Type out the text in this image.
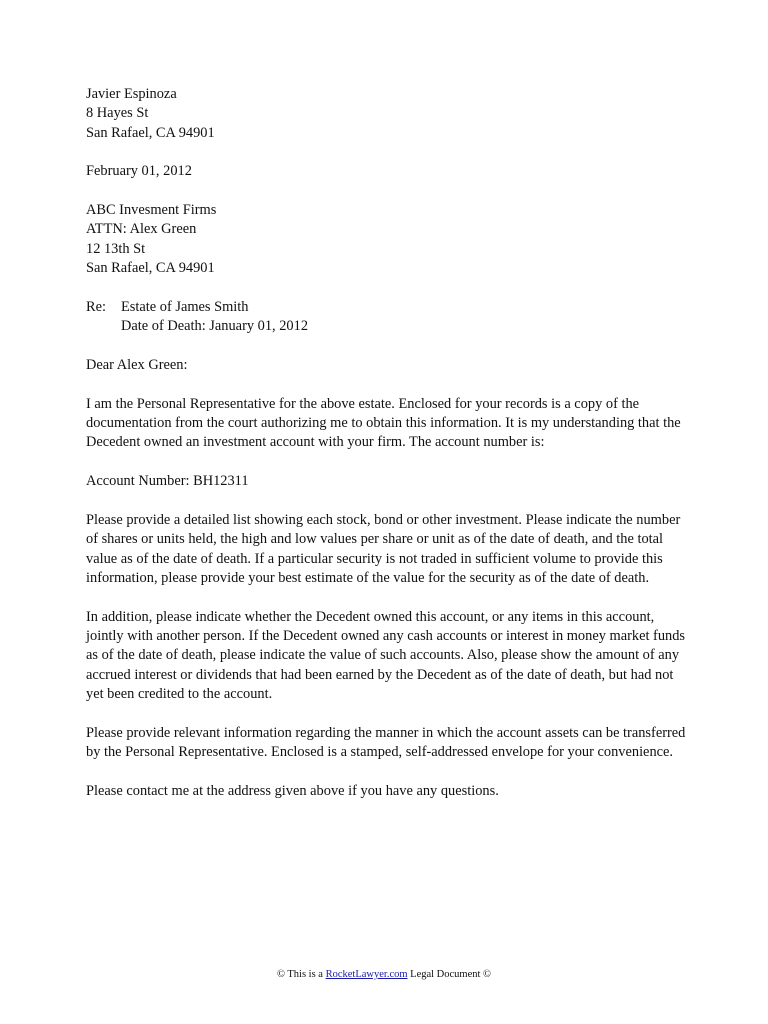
Javier Espinoza
8 Hayes St
San Rafael, CA 94901
February 01, 2012
ABC Invesment Firms
ATTN: Alex Green
12 13th St
San Rafael, CA 94901
Re:	Estate of James Smith
Date of Death: January 01, 2012
Dear Alex Green:

I am the Personal Representative for the above estate. Enclosed for your records is a copy of the documentation from the court authorizing me to obtain this information. It is my understanding that the Decedent owned an investment account with your firm. The account number is:

Account Number: BH12311

Please provide a detailed list showing each stock, bond or other investment. Please indicate the number of shares or units held, the high and low values per share or unit as of the date of death, and the total value as of the date of death. If a particular security is not traded in sufficient volume to provide this information, please provide your best estimate of the value for the security as of the date of death.

In addition, please indicate whether the Decedent owned this account, or any items in this account, jointly with another person. If the Decedent owned any cash accounts or interest in money market funds as of the date of death, please indicate the value of such accounts. Also, please show the amount of any accrued interest or dividends that had been earned by the Decedent as of the date of death, but had not yet been credited to the account.

Please provide relevant information regarding the manner in which the account assets can be transferred by the Personal Representative. Enclosed is a stamped, self-addressed envelope for your convenience.

Please contact me at the address given above if you have any questions.

© This is a RocketLawyer.com Legal Document ©
